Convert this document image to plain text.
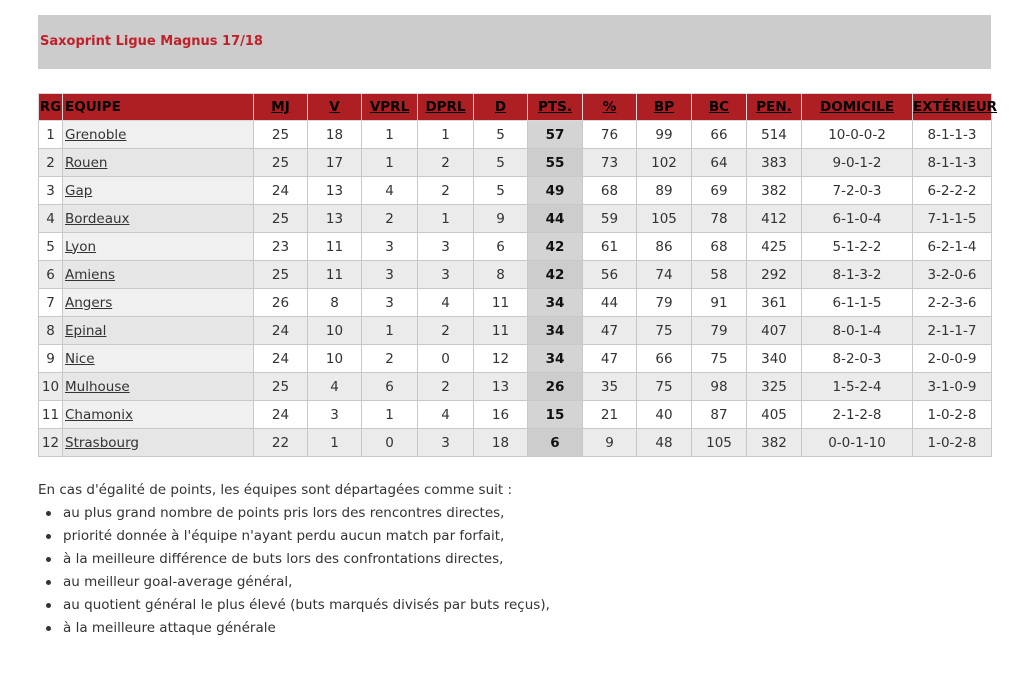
Saxoprint Ligue Magnus 17/18
RG	EQUIPE	MJ	V	VPRL	DPRL	D	PTS.	%	BP	BC	PEN.	DOMICILE	EXTÉRIEUR
1	Grenoble	25	18	1	1	5	57	76	99	66	514	10-0-0-2	8-1-1-3
2	Rouen	25	17	1	2	5	55	73	102	64	383	9-0-1-2	8-1-1-3
3	Gap	24	13	4	2	5	49	68	89	69	382	7-2-0-3	6-2-2-2
4	Bordeaux	25	13	2	1	9	44	59	105	78	412	6-1-0-4	7-1-1-5
5	Lyon	23	11	3	3	6	42	61	86	68	425	5-1-2-2	6-2-1-4
6	Amiens	25	11	3	3	8	42	56	74	58	292	8-1-3-2	3-2-0-6
7	Angers	26	8	3	4	11	34	44	79	91	361	6-1-1-5	2-2-3-6
8	Epinal	24	10	1	2	11	34	47	75	79	407	8-0-1-4	2-1-1-7
9	Nice	24	10	2	0	12	34	47	66	75	340	8-2-0-3	2-0-0-9
10	Mulhouse	25	4	6	2	13	26	35	75	98	325	1-5-2-4	3-1-0-9
11	Chamonix	24	3	1	4	16	15	21	40	87	405	2-1-2-8	1-0-2-8
12	Strasbourg	22	1	0	3	18	6	9	48	105	382	0-0-1-10	1-0-2-8
En cas d'égalité de points, les équipes sont départagées comme suit :
au plus grand nombre de points pris lors des rencontres directes,
priorité donnée à l'équipe n'ayant perdu aucun match par forfait,
à la meilleure différence de buts lors des confrontations directes,
au meilleur goal-average général,
au quotient général le plus élevé (buts marqués divisés par buts reçus),
à la meilleure attaque générale
